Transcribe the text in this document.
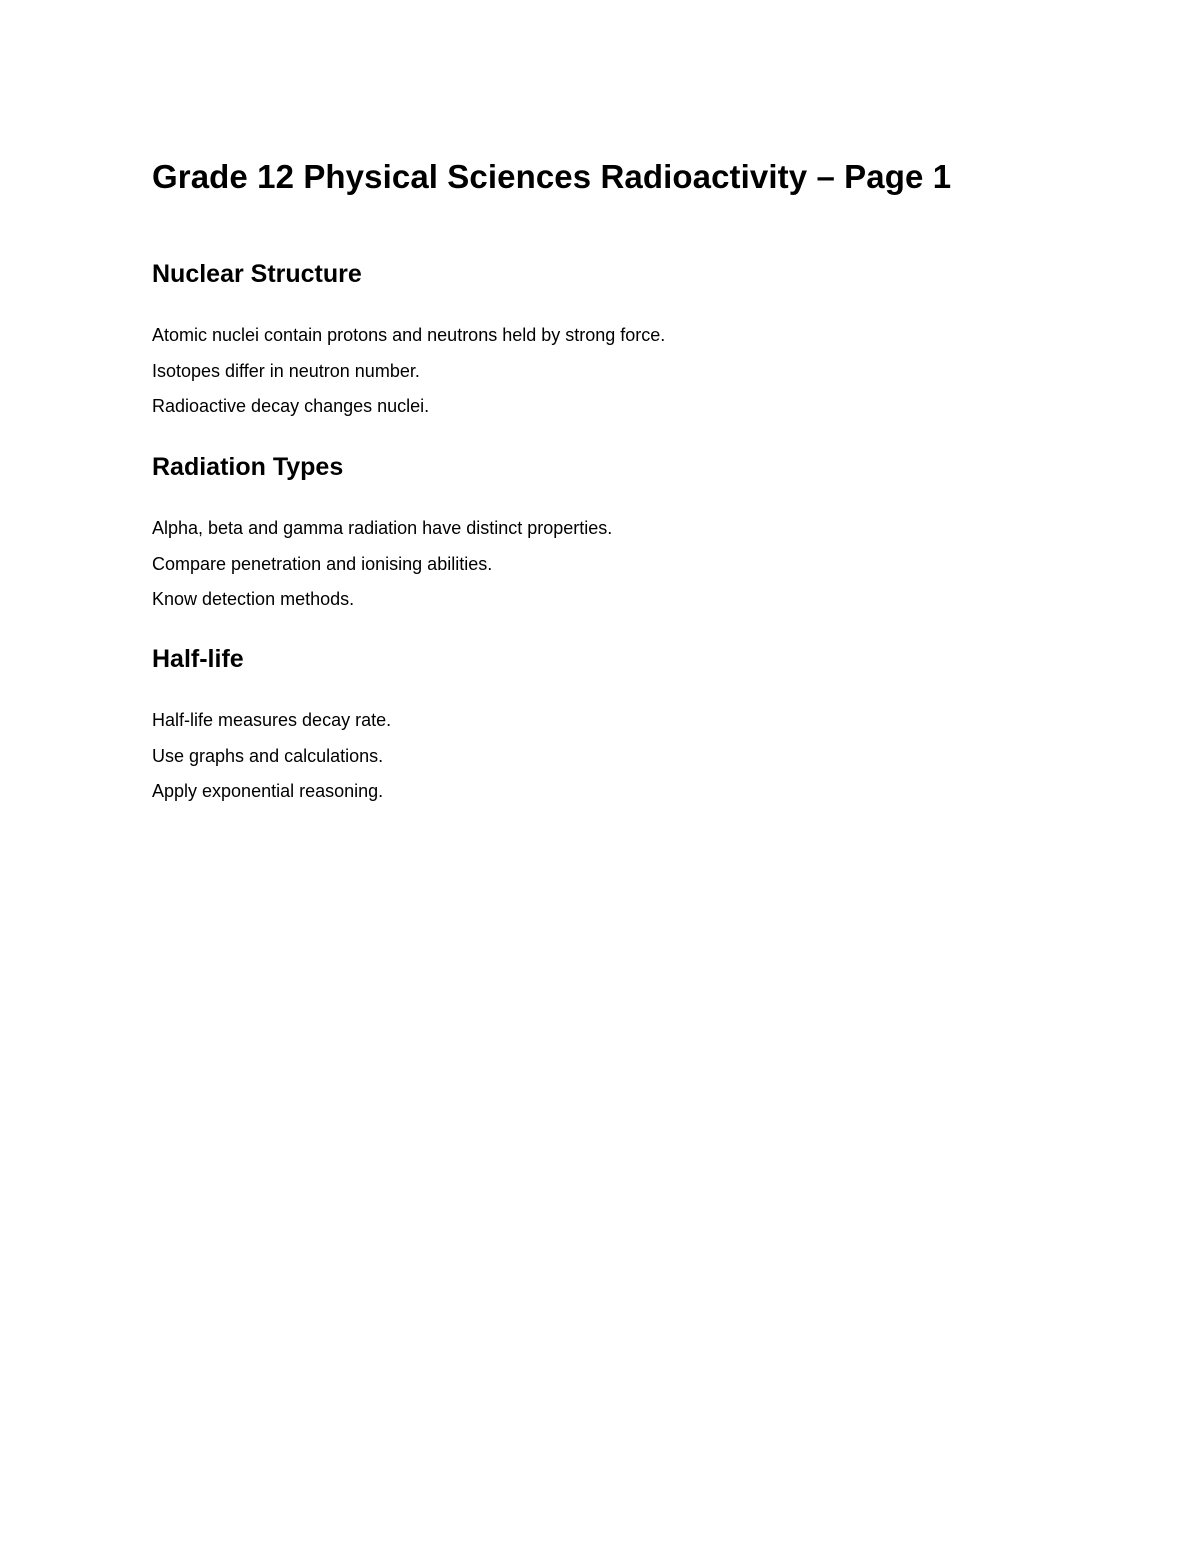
Grade 12 Physical Sciences Radioactivity – Page 1
Nuclear Structure
Atomic nuclei contain protons and neutrons held by strong force.
Isotopes differ in neutron number.
Radioactive decay changes nuclei.
Radiation Types
Alpha, beta and gamma radiation have distinct properties.
Compare penetration and ionising abilities.
Know detection methods.
Half-life
Half-life measures decay rate.
Use graphs and calculations.
Apply exponential reasoning.
